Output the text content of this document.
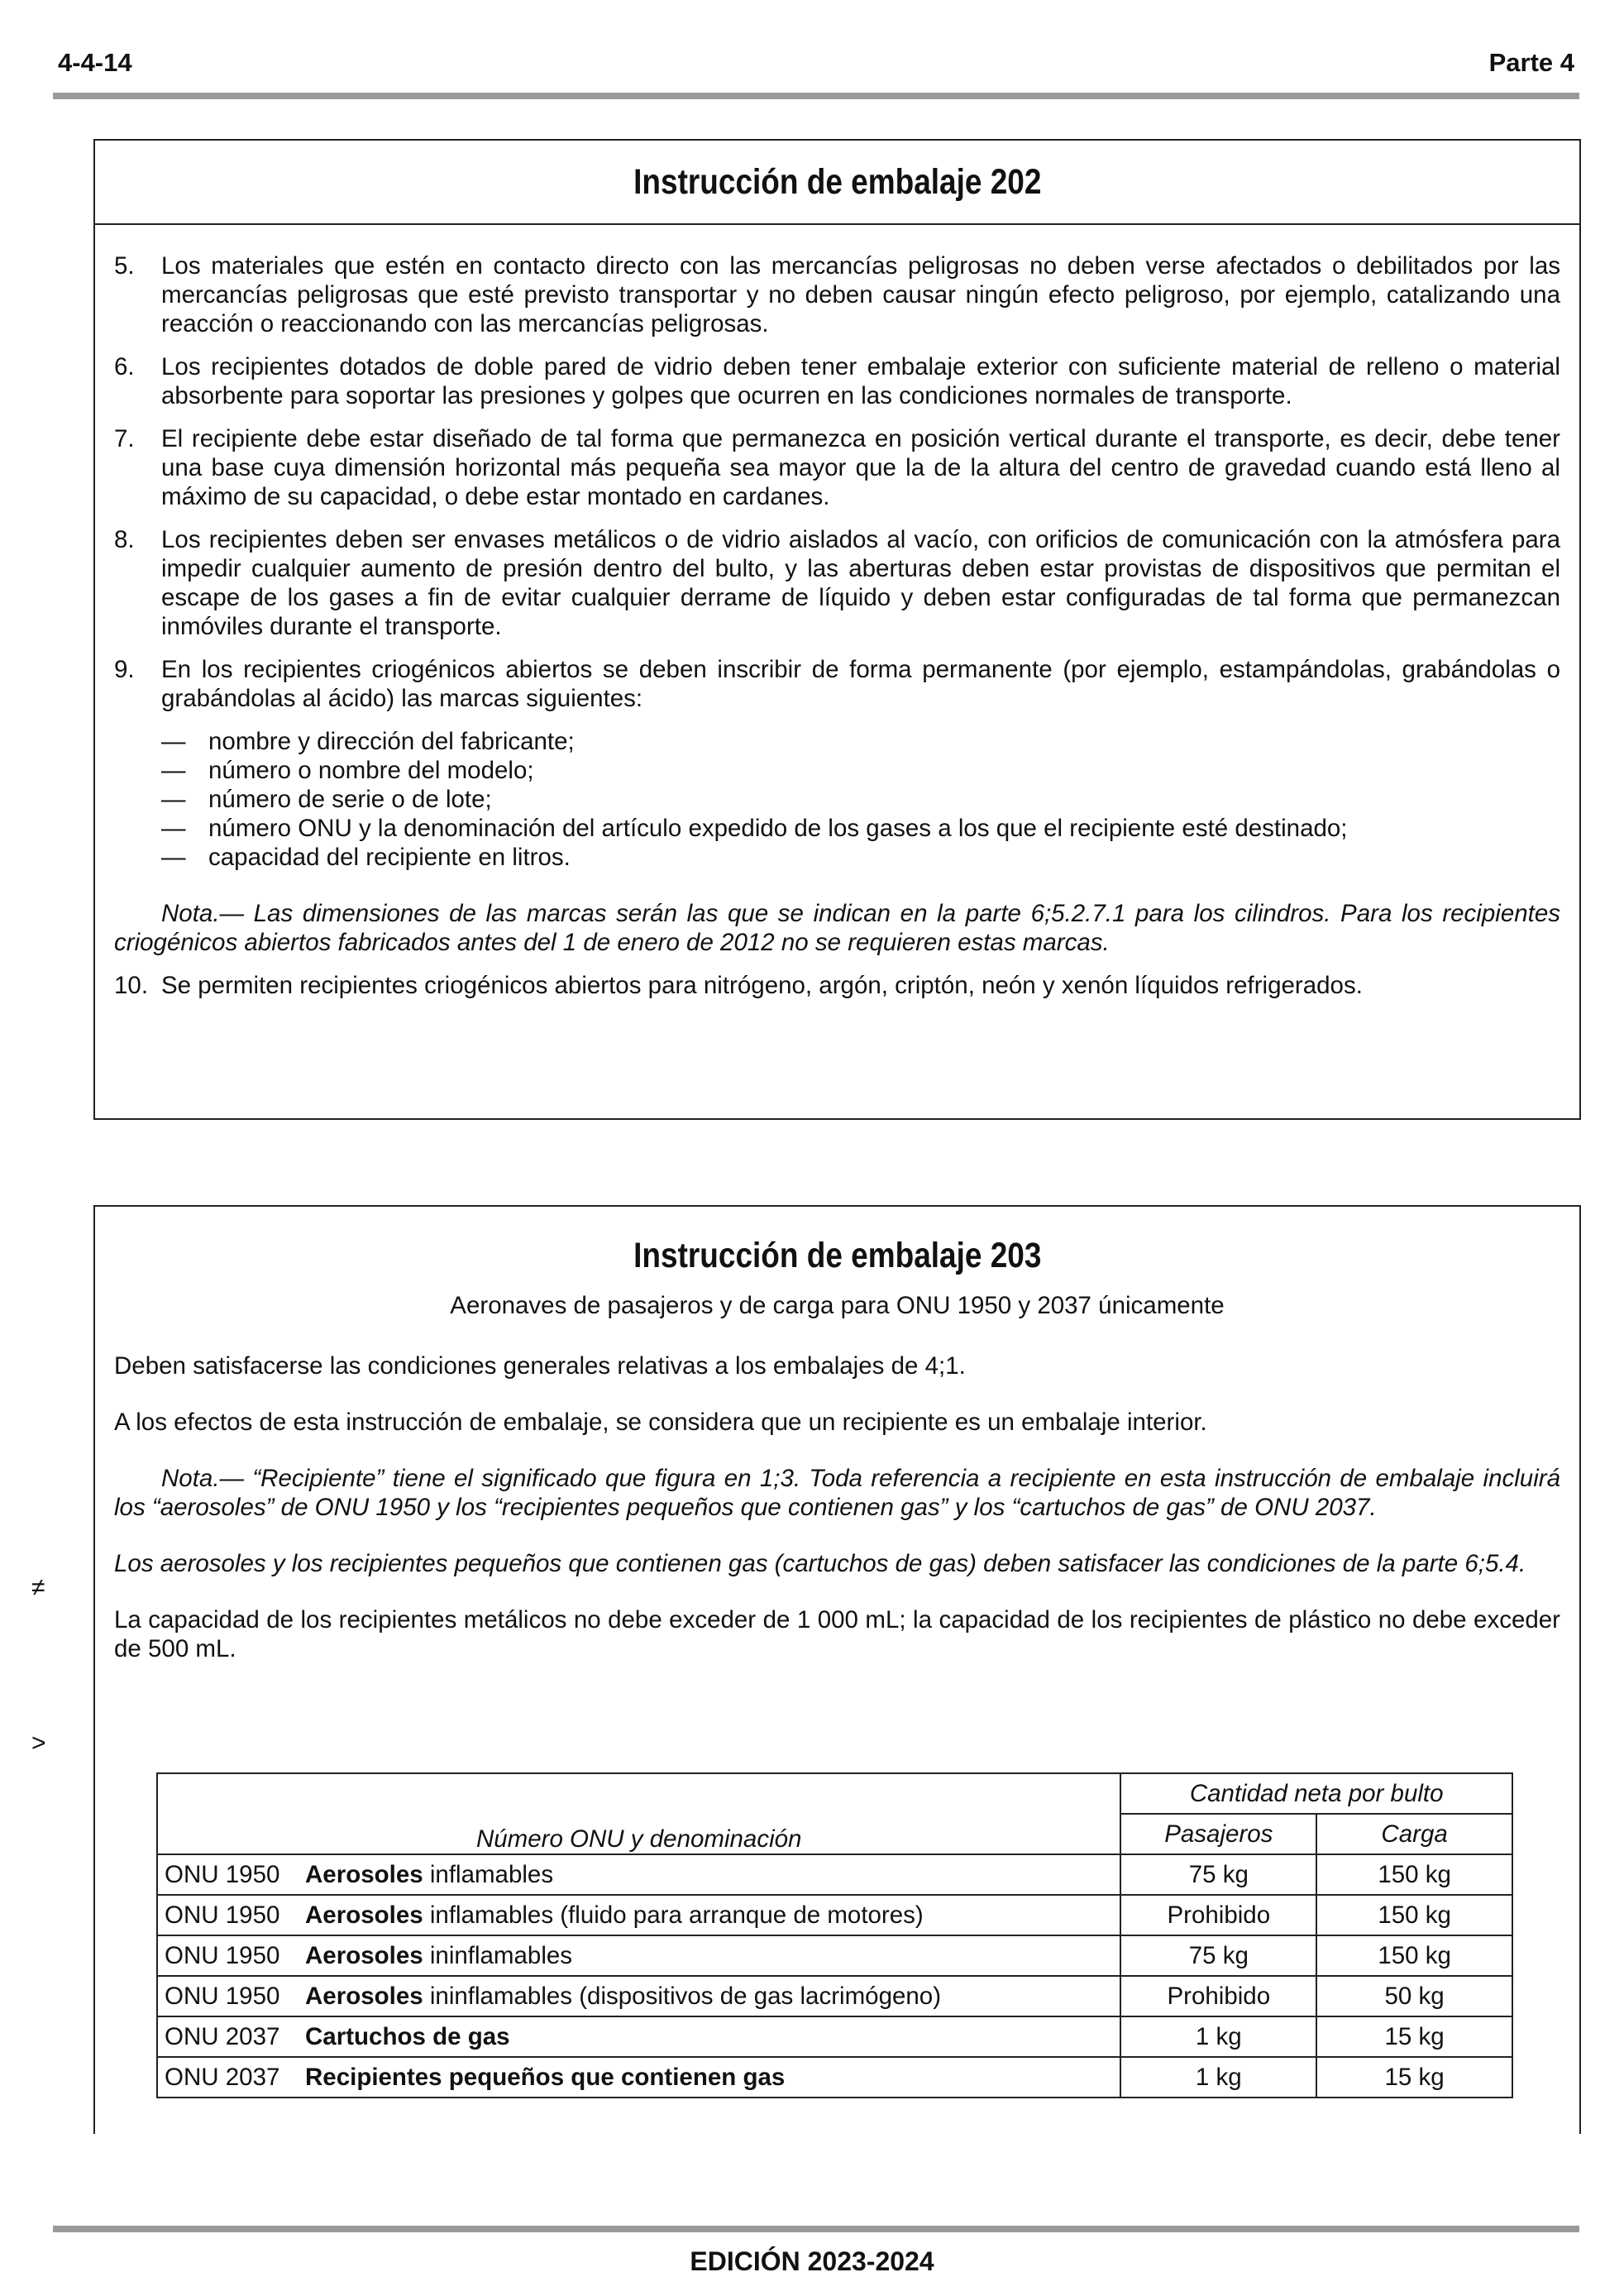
4-4-14	Parte 4
Instrucción de embalaje 202
5.	Los materiales que estén en contacto directo con las mercancías peligrosas no deben verse afectados o debilitados por las mercancías peligrosas que esté previsto transportar y no deben causar ningún efecto peligroso, por ejemplo, catalizando una reacción o reaccionando con las mercancías peligrosas.
6.	Los recipientes dotados de doble pared de vidrio deben tener embalaje exterior con suficiente material de relleno o material absorbente para soportar las presiones y golpes que ocurren en las condiciones normales de transporte.
7.	El recipiente debe estar diseñado de tal forma que permanezca en posición vertical durante el transporte, es decir, debe tener una base cuya dimensión horizontal más pequeña sea mayor que la de la altura del centro de gravedad cuando está lleno al máximo de su capacidad, o debe estar montado en cardanes.
8.	Los recipientes deben ser envases metálicos o de vidrio aislados al vacío, con orificios de comunicación con la atmósfera para impedir cualquier aumento de presión dentro del bulto, y las aberturas deben estar provistas de dispositivos que permitan el escape de los gases a fin de evitar cualquier derrame de líquido y deben estar configuradas de tal forma que permanezcan inmóviles durante el transporte.
9.	En los recipientes criogénicos abiertos se deben inscribir de forma permanente (por ejemplo, estampándolas, grabándolas o grabándolas al ácido) las marcas siguientes:
— nombre y dirección del fabricante;
— número o nombre del modelo;
— número de serie o de lote;
— número ONU y la denominación del artículo expedido de los gases a los que el recipiente esté destinado;
— capacidad del recipiente en litros.
Nota.— Las dimensiones de las marcas serán las que se indican en la parte 6;5.2.7.1 para los cilindros. Para los recipientes criogénicos abiertos fabricados antes del 1 de enero de 2012 no se requieren estas marcas.
10. Se permiten recipientes criogénicos abiertos para nitrógeno, argón, criptón, neón y xenón líquidos refrigerados.
Instrucción de embalaje 203
Aeronaves de pasajeros y de carga para ONU 1950 y 2037 únicamente
Deben satisfacerse las condiciones generales relativas a los embalajes de 4;1.
A los efectos de esta instrucción de embalaje, se considera que un recipiente es un embalaje interior.
Nota.— “Recipiente” tiene el significado que figura en 1;3. Toda referencia a recipiente en esta instrucción de embalaje incluirá los “aerosoles” de ONU 1950 y los “recipientes pequeños que contienen gas” y los “cartuchos de gas” de ONU 2037.
Los aerosoles y los recipientes pequeños que contienen gas (cartuchos de gas) deben satisfacer las condiciones de la parte 6;5.4.
La capacidad de los recipientes metálicos no debe exceder de 1 000 mL; la capacidad de los recipientes de plástico no debe exceder de 500 mL.
≠
>
Número ONU y denominación	Cantidad neta por bulto	
	Pasajeros	Carga
ONU 1950 Aerosoles inflamables	75 kg	150 kg
ONU 1950 Aerosoles inflamables (fluido para arranque de motores)	Prohibido	150 kg
ONU 1950 Aerosoles ininflamables	75 kg	150 kg
ONU 1950 Aerosoles ininflamables (dispositivos de gas lacrimógeno)	Prohibido	50 kg
ONU 2037 Cartuchos de gas	1 kg	15 kg
ONU 2037 Recipientes pequeños que contienen gas	1 kg	15 kg
EDICIÓN 2023-2024
